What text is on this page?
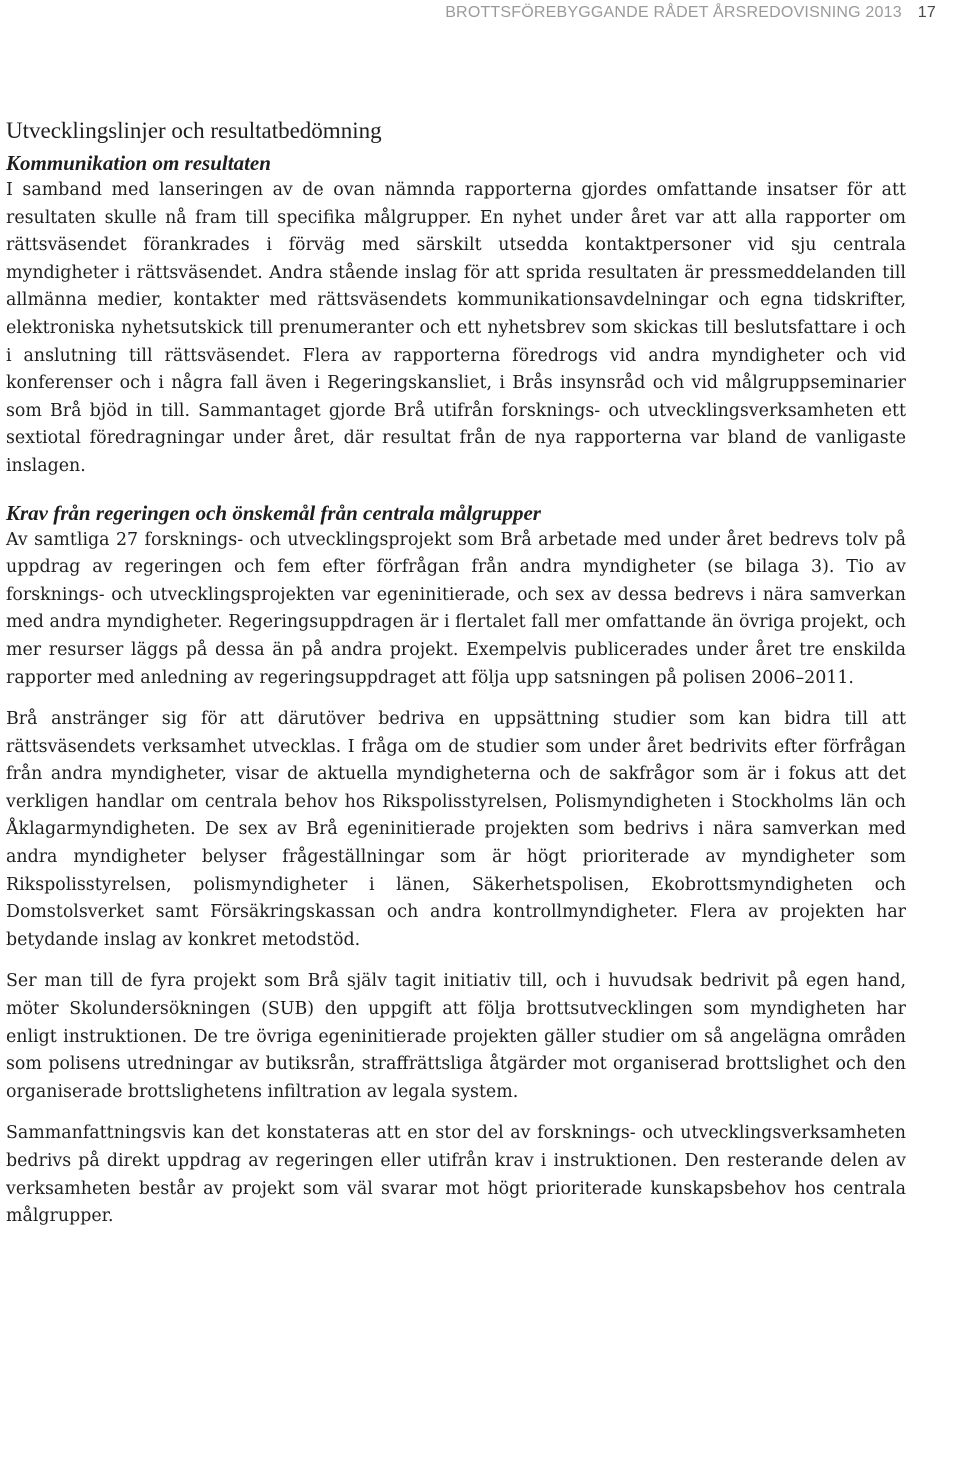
BROTTSFÖREBYGGANDE RÅDET ÅRSREDOVISNING 2013 17
Utvecklingslinjer och resultatbedömning
Kommunikation om resultaten

I samband med lanseringen av de ovan nämnda rapporterna gjordes omfattande insatser för att resultaten skulle nå fram till specifika målgrupper. En nyhet under året var att alla rapporter om rättsväsendet förankrades i förväg med särskilt utsedda kontaktpersoner vid sju centrala myndigheter i rättsväsendet. Andra stående inslag för att sprida resultaten är pressmeddelanden till allmänna medier, kontakter med rättsväsendets kommunikationsavdelningar och egna tidskrifter, elektroniska nyhetsutskick till prenumeranter och ett nyhetsbrev som skickas till beslutsfattare i och i anslutning till rättsväsendet. Flera av rapporterna föredrogs vid andra myndigheter och vid konferenser och i några fall även i Regeringskansliet, i Brås insynsråd och vid målgruppseminarier som Brå bjöd in till. Sammantaget gjorde Brå utifrån forsknings- och utvecklingsverksamheten ett sextiotal föredragningar under året, där resultat från de nya rapporterna var bland de vanligaste inslagen.

Krav från regeringen och önskemål från centrala målgrupper

Av samtliga 27 forsknings- och utvecklingsprojekt som Brå arbetade med under året bedrevs tolv på uppdrag av regeringen och fem efter förfrågan från andra myndigheter (se bilaga 3). Tio av forsknings- och utvecklingsprojekten var egeninitierade, och sex av dessa bedrevs i nära samverkan med andra myndigheter. Regeringsuppdragen är i flertalet fall mer omfattande än övriga projekt, och mer resurser läggs på dessa än på andra projekt. Exempelvis publicerades under året tre enskilda rapporter med anledning av regeringsuppdraget att följa upp satsningen på polisen 2006–2011.

Brå anstränger sig för att därutöver bedriva en uppsättning studier som kan bidra till att rättsväsendets verksamhet utvecklas. I fråga om de studier som under året bedrivits efter förfrågan från andra myndigheter, visar de aktuella myndigheterna och de sakfrågor som är i fokus att det verkligen handlar om centrala behov hos Rikspolisstyrelsen, Polismyndigheten i Stockholms län och Åklagarmyndigheten. De sex av Brå egeninitierade projekten som bedrivs i nära samverkan med andra myndigheter belyser frågeställningar som är högt prioriterade av myndigheter som Rikspolisstyrelsen, polismyndigheter i länen, Säkerhetspolisen, Ekobrottsmyndigheten och Domstolsverket samt Försäkringskassan och andra kontrollmyndigheter. Flera av projekten har betydande inslag av konkret metodstöd.

Ser man till de fyra projekt som Brå själv tagit initiativ till, och i huvudsak bedrivit på egen hand, möter Skolundersökningen (SUB) den uppgift att följa brottsutvecklingen som myndigheten har enligt instruktionen. De tre övriga egeninitierade projekten gäller studier om så angelägna områden som polisens utredningar av butiksrån, straffrättsliga åtgärder mot organiserad brottslighet och den organiserade brottslighetens infiltration av legala system.

Sammanfattningsvis kan det konstateras att en stor del av forsknings- och utvecklingsverksamheten bedrivs på direkt uppdrag av regeringen eller utifrån krav i instruktionen. Den resterande delen av verksamheten består av projekt som väl svarar mot högt prioriterade kunskapsbehov hos centrala målgrupper.
